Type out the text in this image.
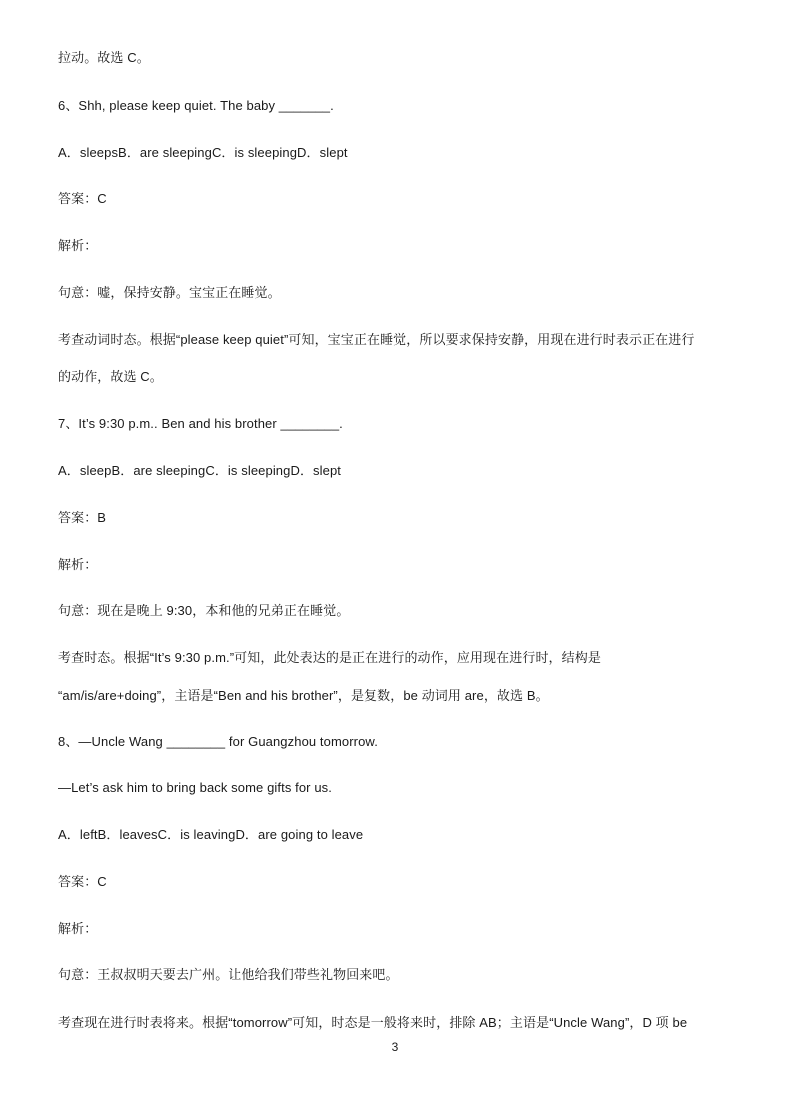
拉动。故选 C。
6、Shh, please keep quiet. The baby _______.
A．sleepsB．are sleepingC．is sleepingD．slept
答案：C
解析：
句意：嘘，保持安静。宝宝正在睡觉。
考查动词时态。根据“please keep quiet”可知，宝宝正在睡觉，所以要求保持安静，用现在进行时表示正在进行
的动作，故选 C。
7、It’s 9:30 p.m.. Ben and his brother ________.
A．sleepB．are sleepingC．is sleepingD．slept
答案：B
解析：
句意：现在是晚上 9:30，本和他的兄弟正在睡觉。
考查时态。根据“It’s 9:30 p.m.”可知，此处表达的是正在进行的动作，应用现在进行时，结构是
“am/is/are+doing”，主语是“Ben and his brother”，是复数，be 动词用 are，故选 B。
8、—Uncle Wang ________ for Guangzhou tomorrow.
—Let’s ask him to bring back some gifts for us.
A．leftB．leavesC．is leavingD．are going to leave
答案：C
解析：
句意：王叔叔明天要去广州。让他给我们带些礼物回来吧。
考查现在进行时表将来。根据“tomorrow”可知，时态是一般将来时，排除 AB；主语是“Uncle Wang”，D 项 be
3
